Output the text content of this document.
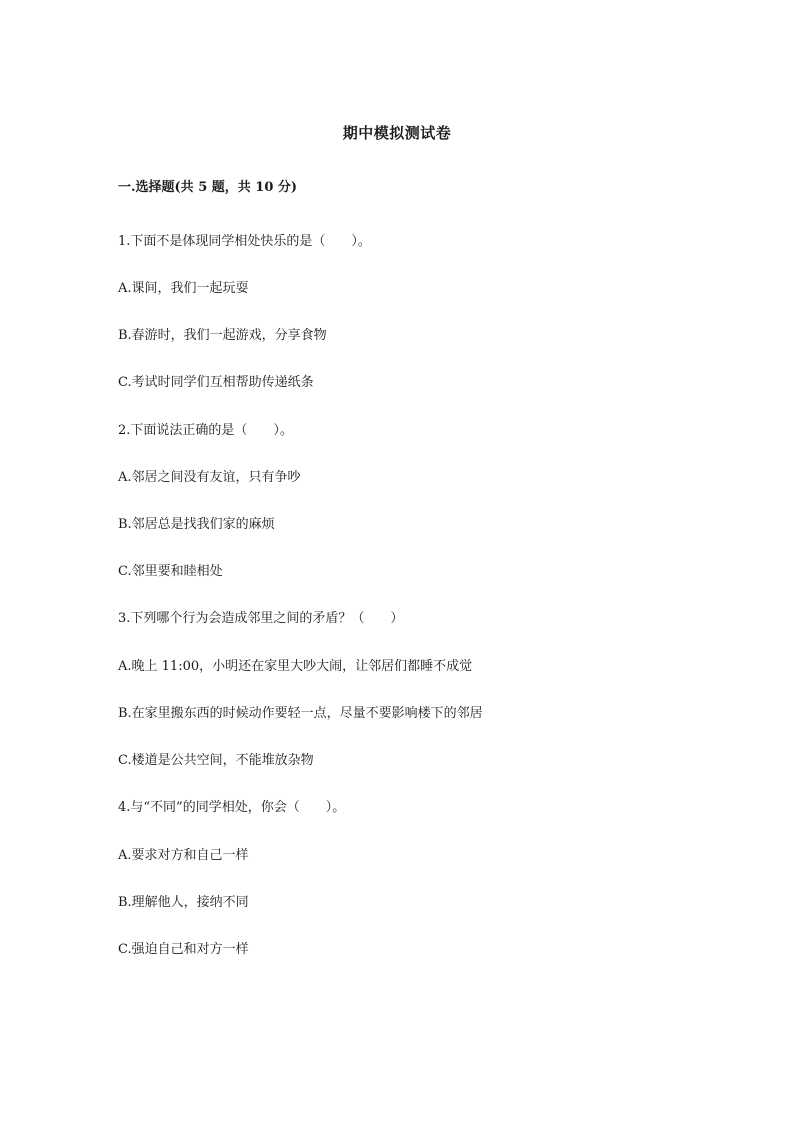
期中模拟测试卷
一.选择题(共 5 题，共 10 分)
1.下面不是体现同学相处快乐的是（　　）。
A.课间，我们一起玩耍
B.春游时，我们一起游戏，分享食物
C.考试时同学们互相帮助传递纸条
2.下面说法正确的是（　　）。
A.邻居之间没有友谊，只有争吵
B.邻居总是找我们家的麻烦
C.邻里要和睦相处
3.下列哪个行为会造成邻里之间的矛盾？（　　）
A.晚上 11:00，小明还在家里大吵大闹，让邻居们都睡不成觉
B.在家里搬东西的时候动作要轻一点，尽量不要影响楼下的邻居
C.楼道是公共空间，不能堆放杂物
4.与“不同”的同学相处，你会（　　）。
A.要求对方和自己一样
B.理解他人，接纳不同
C.强迫自己和对方一样
